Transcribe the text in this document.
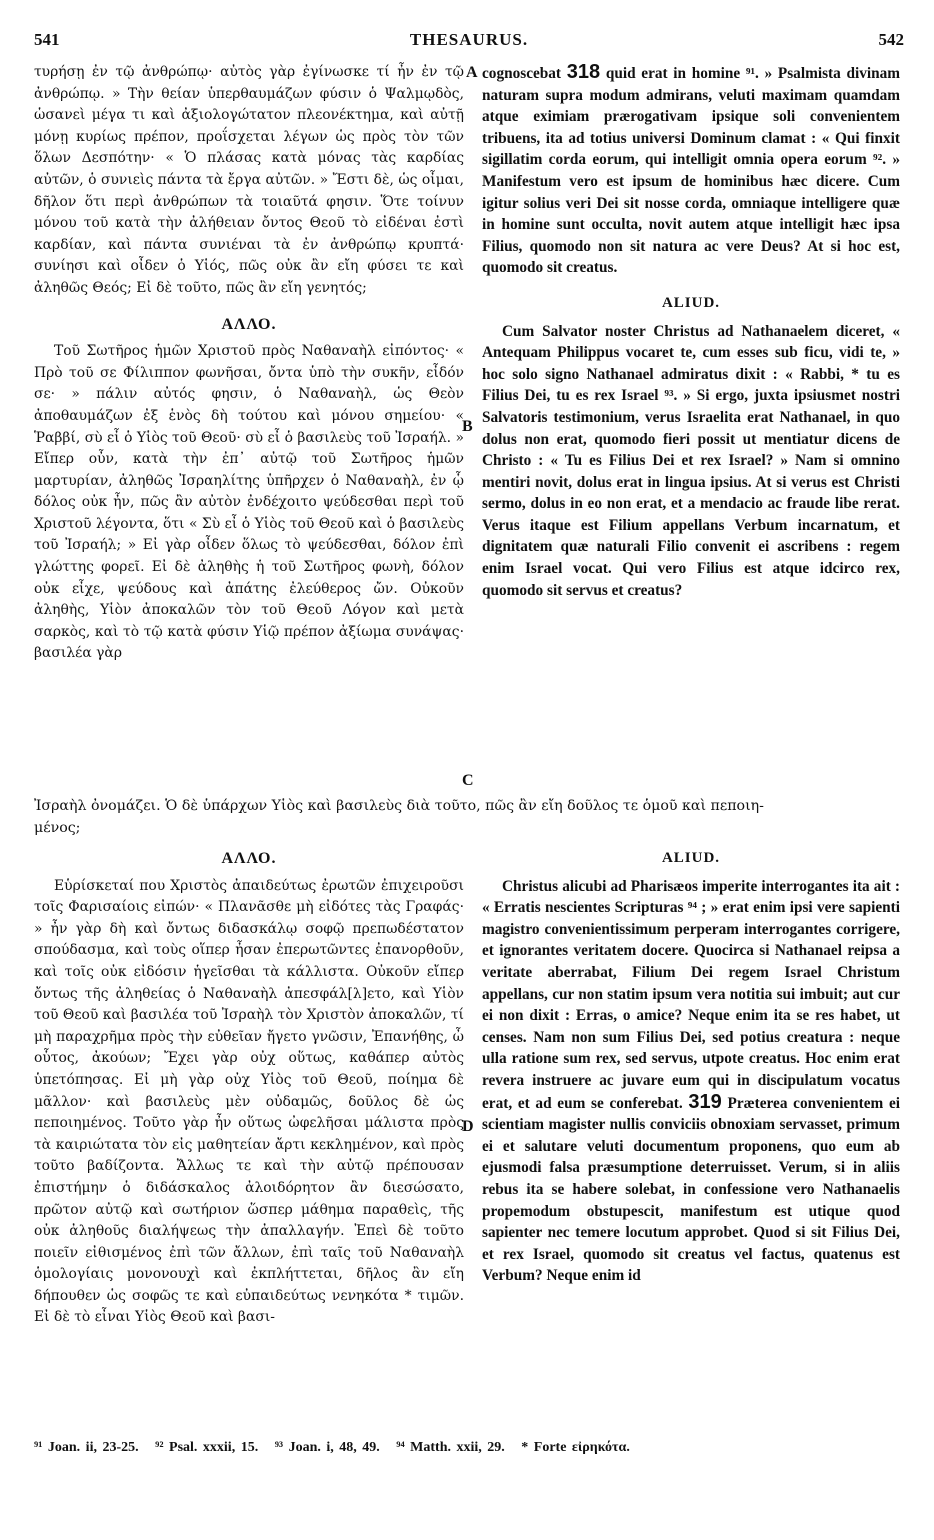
541	THESAURUS.	542

τυρήσῃ ἐν τῷ ἀνθρώπῳ· αὐτὸς γὰρ ἐγίνωσκε τί ἦν ἐν τῷ ἀνθρώπῳ. » Τὴν θείαν ὑπερθαυμάζων φύσιν ὁ Ψαλμῳδὸς, ὡσανεὶ μέγα τι καὶ ἀξιολογώτατον πλεονέκτημα, καὶ αὐτῇ μόνῃ κυρίως πρέπον, προΐσχεται λέγων ὡς πρὸς τὸν τῶν ὅλων Δεσπότην· « Ὁ πλάσας κατὰ μόνας τὰς καρδίας αὐτῶν, ὁ συνιεὶς πάντα τὰ ἔργα αὐτῶν. » Ἔστι δὲ, ὡς οἶμαι, δῆλον ὅτι περὶ ἀνθρώπων τὰ τοιαῦτά φησιν. Ὅτε τοίνυν μόνου τοῦ κατὰ τὴν ἀλήθειαν ὄντος Θεοῦ τὸ εἰδέναι ἐστὶ καρδίαν, καὶ πάντα συνιέναι τὰ ἐν ἀνθρώπῳ κρυπτά· συνίησι καὶ οἶδεν ὁ Υἱός, πῶς οὐκ ἂν εἴη φύσει τε καὶ ἀληθῶς Θεός; Εἰ δὲ τοῦτο, πῶς ἂν εἴη γενητός;

ΑΛΛΟ.

Τοῦ Σωτῆρος ἡμῶν Χριστοῦ πρὸς Ναθαναὴλ εἰπόντος· « Πρὸ τοῦ σε Φίλιππον φωνῆσαι, ὄντα ὑπὸ τὴν συκῆν, εἶδόν σε· » πάλιν αὐτός φησιν, ὁ Ναθαναὴλ, ὡς Θεὸν ἀποθαυμάζων ἐξ ἑνὸς δὴ τούτου καὶ μόνου σημείου· « Ῥαββί, σὺ εἶ ὁ Υἱὸς τοῦ Θεοῦ· σὺ εἶ ὁ βασιλεὺς τοῦ Ἰσραήλ. » Εἴπερ οὖν, κατὰ τὴν ἐπ᾽ αὐτῷ τοῦ Σωτῆρος ἡμῶν μαρτυρίαν, ἀληθῶς Ἰσραηλίτης ὑπῆρχεν ὁ Ναθαναὴλ, ἐν ᾧ δόλος οὐκ ἦν, πῶς ἂν αὐτὸν ἐνδέχοιτο ψεύδεσθαι περὶ τοῦ Χριστοῦ λέγοντα, ὅτι « Σὺ εἶ ὁ Υἱὸς τοῦ Θεοῦ καὶ ὁ βασιλεὺς τοῦ Ἰσραήλ; » Εἰ γὰρ οἶδεν ὅλως τὸ ψεύδεσθαι, δόλον ἐπὶ γλώττης φορεῖ. Εἰ δὲ ἀληθὴς ἡ τοῦ Σωτῆρος φωνὴ, δόλον οὐκ εἶχε, ψεύδους καὶ ἀπάτης ἐλεύθερος ὤν. Οὐκοῦν ἀληθὴς, Υἱὸν ἀποκαλῶν τὸν τοῦ Θεοῦ Λόγον καὶ μετὰ σαρκὸς, καὶ τὸ τῷ κατὰ φύσιν Υἱῷ πρέπον ἀξίωμα συνάψας· βασιλέα γὰρ

cognoscebat 318 quid erat in homine ⁹¹. » Psalmista divinam naturam supra modum admirans, veluti maximam quamdam atque eximiam prærogativam ipsique soli convenientem tribuens, ita ad totius universi Dominum clamat : « Qui finxit sigillatim corda eorum, qui intelligit omnia opera eorum ⁹². » Manifestum vero est ipsum de hominibus hæc dicere. Cum igitur solius veri Dei sit nosse corda, omniaque intelligere quæ in homine sunt occulta, novit autem atque intelligit hæc ipsa Filius, quomodo non sit natura ac vere Deus? At si hoc est, quomodo sit creatus.

ALIUD.

Cum Salvator noster Christus ad Nathanaelem diceret, « Antequam Philippus vocaret te, cum esses sub ficu, vidi te, » hoc solo signo Nathanael admiratus dixit : « Rabbi, * tu es Filius Dei, tu es rex Israel ⁹³. » Si ergo, juxta ipsiusmet nostri Salvatoris testimonium, verus Israelita erat Nathanael, in quo dolus non erat, quomodo fieri possit ut mentiatur dicens de Christo : « Tu es Filius Dei et rex Israel? » Nam si omnino mentiri novit, dolus erat in lingua ipsius. At si verus est Christi sermo, dolus in eo non erat, et a mendacio ac fraude libe rerat. Verus itaque est Filium appellans Verbum incarnatum, et dignitatem quæ naturali Filio convenit ei ascribens : regem enim Israel vocat. Qui vero Filius est atque idcirco rex, quomodo sit servus et creatus?

Ἰσραὴλ ὀνομάζει. Ὁ δὲ ὑπάρχων Υἱὸς καὶ βασιλεὺς διὰ τοῦτο, πῶς ἂν εἴη δοῦλος τε ὁμοῦ καὶ πεποιη-
μένος;
ΑΛΛΟ.

Εὑρίσκεταί που Χριστὸς ἀπαιδεύτως ἐρωτῶν ἐπιχειροῦσι τοῖς Φαρισαίοις εἰπών· « Πλανᾶσθε μὴ εἰδότες τὰς Γραφάς· » ἦν γὰρ δὴ καὶ ὄντως διδασκάλῳ σοφῷ πρεπωδέστατον σπούδασμα, καὶ τοὺς οἵπερ ἦσαν ἐπερωτῶντες ἐπανορθοῦν, καὶ τοῖς οὐκ εἰδόσιν ἡγεῖσθαι τὰ κάλλιστα. Οὐκοῦν εἴπερ ὄντως τῆς ἀληθείας ὁ Ναθαναὴλ ἀπεσφάλ[λ]ετο, καὶ Υἱὸν τοῦ Θεοῦ καὶ βασιλέα τοῦ Ἰσραὴλ τὸν Χριστὸν ἀποκαλῶν, τί μὴ παραχρῆμα πρὸς τὴν εὐθεῖαν ἤγετο γνῶσιν, Ἐπανήθης, ὦ οὗτος, ἀκούων; Ἔχει γὰρ οὐχ οὕτως, καθάπερ αὐτὸς ὑπετόπησας. Εἰ μὴ γὰρ οὐχ Υἱὸς τοῦ Θεοῦ, ποίημα δὲ μᾶλλον· καὶ βασιλεὺς μὲν οὐδαμῶς, δοῦλος δὲ ὡς πεποιημένος. Τοῦτο γὰρ ἦν οὕτως ὠφελῆσαι μάλιστα πρὸς τὰ καιριώτατα τὸν εἰς μαθητείαν ἄρτι κεκλημένον, καὶ πρὸς τοῦτο βαδίζοντα. Ἄλλως τε καὶ τὴν αὐτῷ πρέπουσαν ἐπιστήμην ὁ διδάσκαλος ἀλοιδόρητον ἂν διεσώσατο, πρῶτον αὐτῷ καὶ σωτήριον ὥσπερ μάθημα παραθεὶς, τῆς οὐκ ἀληθοῦς διαλήψεως τὴν ἀπαλλαγήν. Ἐπεὶ δὲ τοῦτο ποιεῖν εἰθισμένος ἐπὶ τῶν ἄλλων, ἐπὶ ταῖς τοῦ Ναθαναὴλ ὁμολογίαις μονονουχὶ καὶ ἐκπλήττεται, δῆλος ἂν εἴη δήπουθεν ὡς σοφῶς τε καὶ εὐπαιδεύτως νενηκότα * τιμῶν. Εἰ δὲ τὸ εἶναι Υἱὸς Θεοῦ καὶ βασι-

ALIUD.

Christus alicubi ad Pharisæos imperite interrogantes ita ait : « Erratis nescientes Scripturas ⁹⁴ ; » erat enim ipsi vere sapienti magistro convenientissimum perperam interrogantes corrigere, et ignorantes veritatem docere. Quocirca si Nathanael reipsa a veritate aberrabat, Filium Dei regem Israel Christum appellans, cur non statim ipsum vera notitia sui imbuit; aut cur ei non dixit : Erras, o amice? Neque enim ita se res habet, ut censes. Nam non sum Filius Dei, sed potius creatura : neque ulla ratione sum rex, sed servus, utpote creatus. Hoc enim erat revera instruere ac juvare eum qui in discipulatum vocatus erat, et ad eum se conferebat. 319 Præterea convenientem ei scientiam magister nullis conviciis obnoxiam servasset, primum ei et salutare veluti documentum proponens, quo eum ab ejusmodi falsa præsumptione deterruisset. Verum, si in aliis rebus ita se habere solebat, in confessione vero Nathanaelis propemodum obstupescit, manifestum est utique quod sapienter nec temere locutum approbet. Quod si sit Filius Dei, et rex Israel, quomodo sit creatus vel factus, quatenus est Verbum? Neque enim id

A
B
C
D
⁹¹ Joan. ii, 23-25. ⁹² Psal. xxxii, 15. ⁹³ Joan. i, 48, 49. ⁹⁴ Matth. xxii, 29. * Forte εἰρηκότα.
